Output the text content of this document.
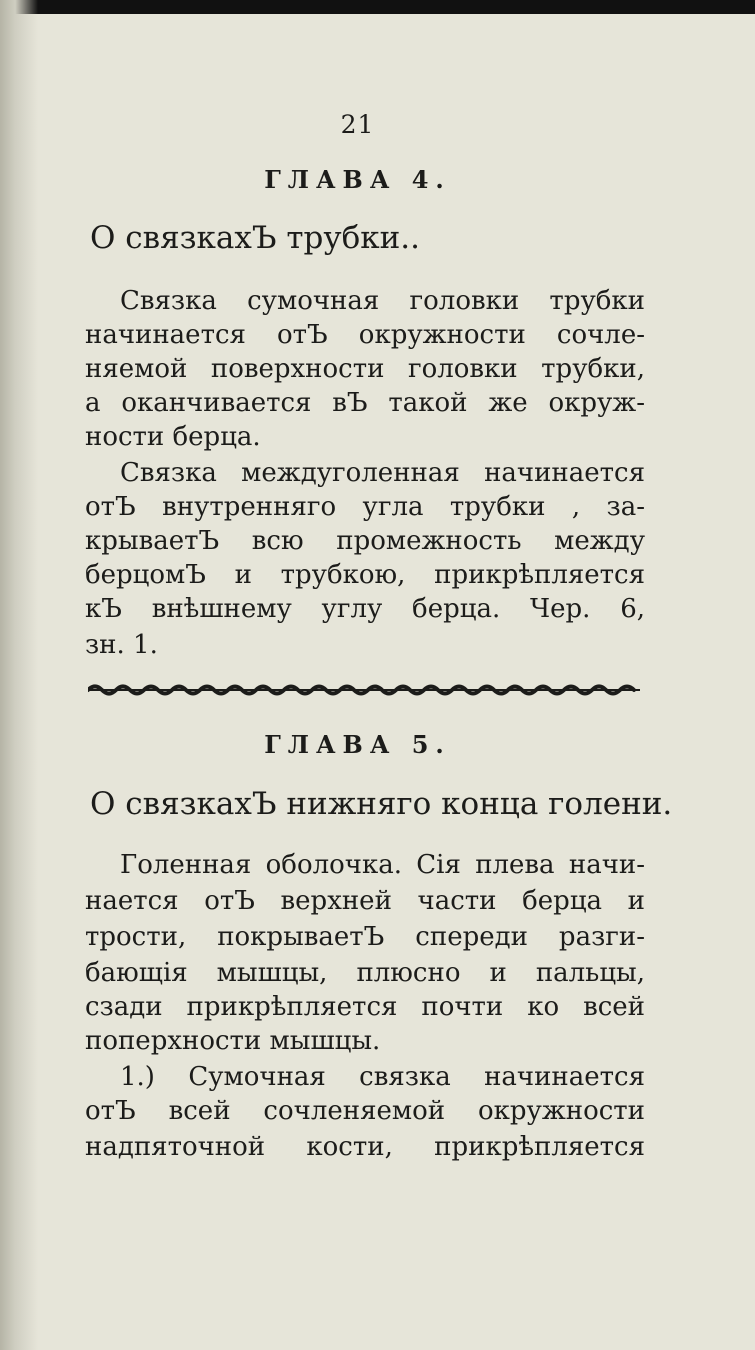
21
ГЛАВА 4.
О связкахЪ трубки..
Связка сумочная головки трубки
начинается отЪ окружности сочле-
няемой поверхности головки трубки,
а оканчивается вЪ такой же окруж-
ности берца.
Связка междуголенная начинается
отЪ внутренняго угла трубки , за-
крываетЪ всю промежность между
берцомЪ и трубкою, прикрѣпляется
кЪ внѣшнему углу берца. Чер. 6,
зн. 1.
ГЛАВА 5.
О связкахЪ нижняго конца голени.
Голенная оболочка. Сія плева начи-
нается отЪ верхней части берца и
трости, покрываетЪ спереди разги-
бающія мышцы, плюсно и пальцы,
сзади прикрѣпляется почти ко всей
поперхности мышцы.
1.) Сумочная связка начинается
отЪ всей сочленяемой окружности
надпяточной кости, прикрѣпляется
